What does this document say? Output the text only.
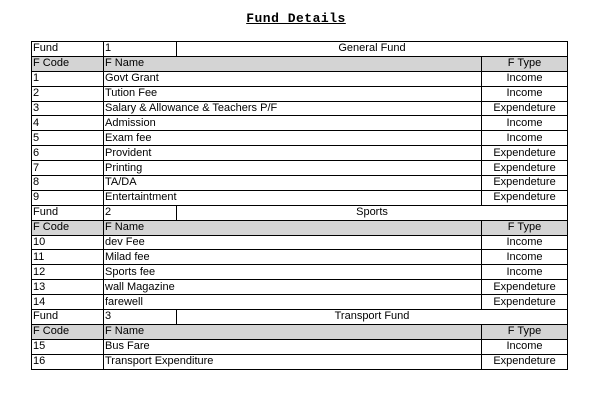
Fund Details
Fund	1	General Fund	
F Code	F Name		F Type
1	Govt Grant		Income
2	Tution Fee		Income
3	Salary & Allowance & Teachers P/F		Expendeture
4	Admission		Income
5	Exam fee		Income
6	Provident		Expendeture
7	Printing		Expendeture
8	TA/DA		Expendeture
9	Entertaintment		Expendeture
Fund	2	Sports	
F Code	F Name		F Type
10	dev Fee		Income
11	Milad fee		Income
12	Sports fee		Income
13	wall Magazine		Expendeture
14	farewell		Expendeture
Fund	3	Transport Fund	
F Code	F Name		F Type
15	Bus Fare		Income
16	Transport Expenditure		Expendeture
